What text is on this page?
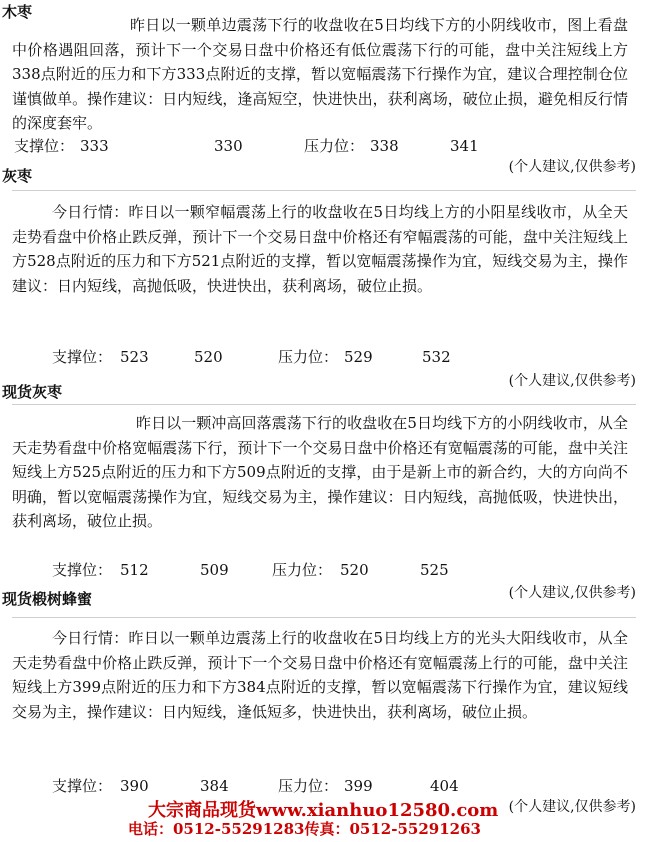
木枣

昨日以一颗单边震荡下行的收盘收在5日均线下方的小阴线收市，图上看盘中价格遇阻回落，预计下一个交易日盘中价格还有低位震荡下行的可能，盘中关注短线上方338点附近的压力和下方333点附近的支撑，暂以宽幅震荡下行操作为宜，建议合理控制仓位谨慎做单。操作建议：日内短线，逢高短空，快进快出，获利离场，破位止损，避免相反行情的深度套牢。

支撑位： 333	330	压力位： 338	341
(个人建议,仅供参考)
灰枣

今日行情：昨日以一颗窄幅震荡上行的收盘收在5日均线上方的小阳星线收市，从全天走势看盘中价格止跌反弹，预计下一个交易日盘中价格还有窄幅震荡的可能，盘中关注短线上方528点附近的压力和下方521点附近的支撑，暂以宽幅震荡操作为宜，短线交易为主，操作建议：日内短线，高抛低吸，快进快出，获利离场，破位止损。

支撑位： 523	520	压力位： 529	532
(个人建议,仅供参考)
现货灰枣

昨日以一颗冲高回落震荡下行的收盘收在5日均线下方的小阴线收市，从全天走势看盘中价格宽幅震荡下行，预计下一个交易日盘中价格还有宽幅震荡的可能，盘中关注短线上方525点附近的压力和下方509点附近的支撑，由于是新上市的新合约，大的方向尚不明确，暂以宽幅震荡操作为宜，短线交易为主，操作建议：日内短线，高抛低吸，快进快出，获利离场，破位止损。

支撑位： 512	509	压力位： 520	525
(个人建议,仅供参考)
现货椴树蜂蜜

今日行情：昨日以一颗单边震荡上行的收盘收在5日均线上方的光头大阳线收市，从全天走势看盘中价格止跌反弹，预计下一个交易日盘中价格还有宽幅震荡上行的可能，盘中关注短线上方399点附近的压力和下方384点附近的支撑，暂以宽幅震荡下行操作为宜，建议短线交易为主，操作建议：日内短线，逢低短多，快进快出，获利离场，破位止损。

支撑位： 390	384	压力位： 399	404
(个人建议,仅供参考)
大宗商品现货www.xianhuo12580.com
电话：0512-55291283传真：0512-55291263
